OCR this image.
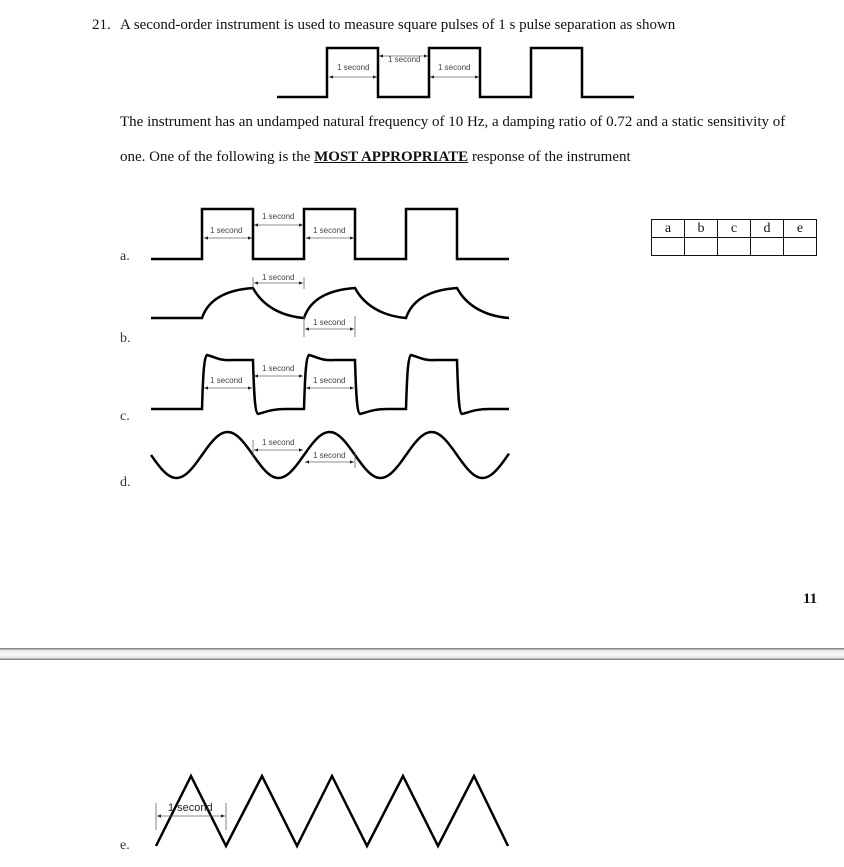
21. A second-order instrument is used to measure square pulses of 1 s pulse separation as shown
The instrument has an undamped natural frequency of 10 Hz, a damping ratio of 0.72 and a static sensitivity of
one. One of the following is the MOST APPROPRIATE response of the instrument
a.
b.
c.
d.
e.
1 second
1 second
1 second
1 second
1 second
1 second
1 second
1 second
1 second
1 second
1 second
1 second
1 second
1 second
a	b	c	d	e

11
